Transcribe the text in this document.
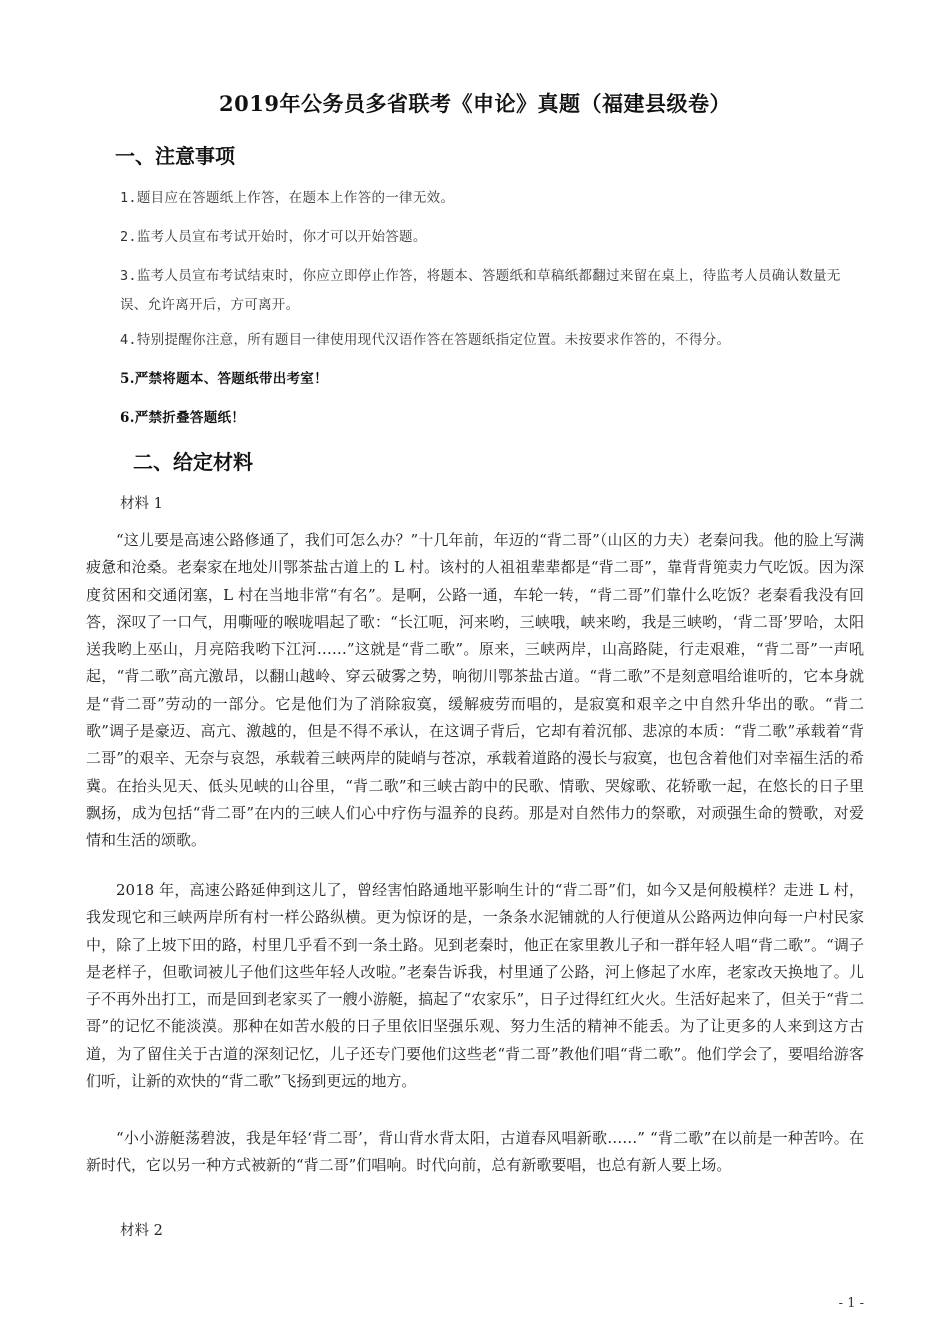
2019年公务员多省联考《申论》真题（福建县级卷）
一、注意事项
1.题目应在答题纸上作答，在题本上作答的一律无效。
2.监考人员宣布考试开始时，你才可以开始答题。
3.监考人员宣布考试结束时，你应立即停止作答，将题本、答题纸和草稿纸都翻过来留在桌上，待监考人员确认数量无误、允许离开后，方可离开。
4.特别提醒你注意，所有题目一律使用现代汉语作答在答题纸指定位置。未按要求作答的，不得分。
5.严禁将题本、答题纸带出考室！
6.严禁折叠答题纸！
二、给定材料
材料 1
“这儿要是高速公路修通了，我们可怎么办？”十几年前，年迈的“背二哥”（山区的力夫）老秦问我。他的脸上写满疲惫和沧桑。老秦家在地处川鄂茶盐古道上的 L 村。该村的人祖祖辈辈都是“背二哥”，靠背背篼卖力气吃饭。因为深度贫困和交通闭塞，L 村在当地非常“有名”。是啊，公路一通，车轮一转，“背二哥”们靠什么吃饭？老秦看我没有回答，深叹了一口气，用嘶哑的喉咙唱起了歌：“长江呃，河来哟，三峡哦，峡来哟，我是三峡哟，‘背二哥’罗哈，太阳送我哟上巫山，月亮陪我哟下江河……”这就是“背二歌”。原来，三峡两岸，山高路陡，行走艰难，“背二哥”一声吼起，“背二歌”高亢激昂，以翻山越岭、穿云破雾之势，响彻川鄂茶盐古道。“背二歌”不是刻意唱给谁听的，它本身就是“背二哥”劳动的一部分。它是他们为了消除寂寞，缓解疲劳而唱的，是寂寞和艰辛之中自然升华出的歌。“背二歌”调子是豪迈、高亢、激越的，但是不得不承认，在这调子背后，它却有着沉郁、悲凉的本质：“背二歌”承载着“背二哥”的艰辛、无奈与哀怨，承载着三峡两岸的陡峭与苍凉，承载着道路的漫长与寂寞，也包含着他们对幸福生活的希冀。在抬头见天、低头见峡的山谷里，“背二歌”和三峡古韵中的民歌、情歌、哭嫁歌、花轿歌一起，在悠长的日子里飘扬，成为包括“背二哥”在内的三峡人们心中疗伤与温养的良药。那是对自然伟力的祭歌，对顽强生命的赞歌，对爱情和生活的颂歌。
2018 年，高速公路延伸到这儿了，曾经害怕路通地平影响生计的“背二哥”们，如今又是何般模样？走进 L 村，我发现它和三峡两岸所有村一样公路纵横。更为惊讶的是，一条条水泥铺就的人行便道从公路两边伸向每一户村民家中，除了上坡下田的路，村里几乎看不到一条土路。见到老秦时，他正在家里教儿子和一群年轻人唱“背二歌”。“调子是老样子，但歌词被儿子他们这些年轻人改啦。”老秦告诉我，村里通了公路，河上修起了水库，老家改天换地了。儿子不再外出打工，而是回到老家买了一艘小游艇，搞起了“农家乐”，日子过得红红火火。生活好起来了，但关于“背二哥”的记忆不能淡漠。那种在如苦水般的日子里依旧坚强乐观、努力生活的精神不能丢。为了让更多的人来到这方古道，为了留住关于古道的深刻记忆，儿子还专门要他们这些老“背二哥”教他们唱“背二歌”。他们学会了，要唱给游客们听，让新的欢快的“背二歌”飞扬到更远的地方。
“小小游艇荡碧波，我是年轻‘背二哥’，背山背水背太阳，古道春风唱新歌……” “背二歌”在以前是一种苦吟。在新时代，它以另一种方式被新的“背二哥”们唱响。时代向前，总有新歌要唱，也总有新人要上场。
材料 2
- 1 -
